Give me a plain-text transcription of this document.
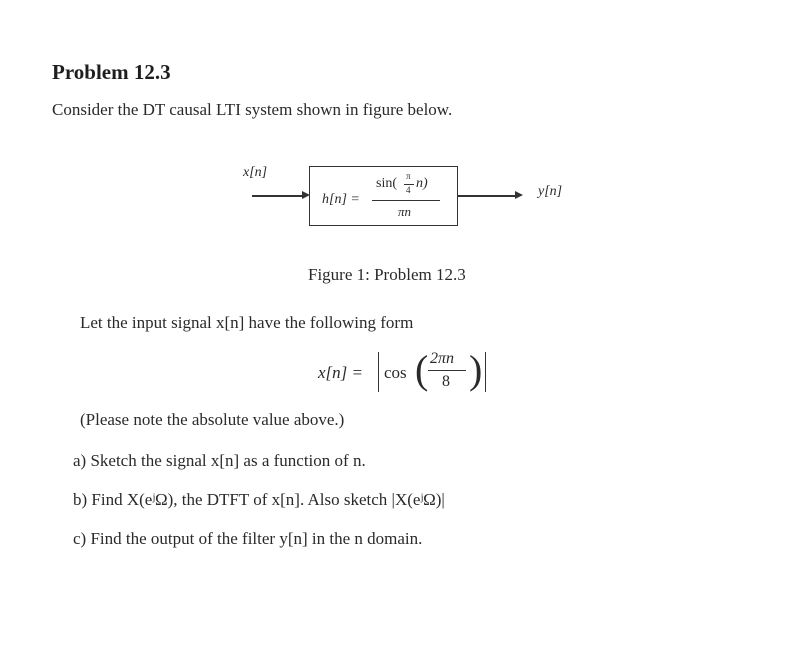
Problem 12.3
Consider the DT causal LTI system shown in figure below.
x[n]
h[n] =
sin( π
4 n)
πn
y[n]
Figure 1: Problem 12.3
Let the input signal x[n] have the following form
x[n] = cos ( 2πn
8 )
(Please note the absolute value above.)
a) Sketch the signal x[n] as a function of n.
b) Find X(eʲΩ), the DTFT of x[n]. Also sketch |X(eʲΩ)|
c) Find the output of the filter y[n] in the n domain.
